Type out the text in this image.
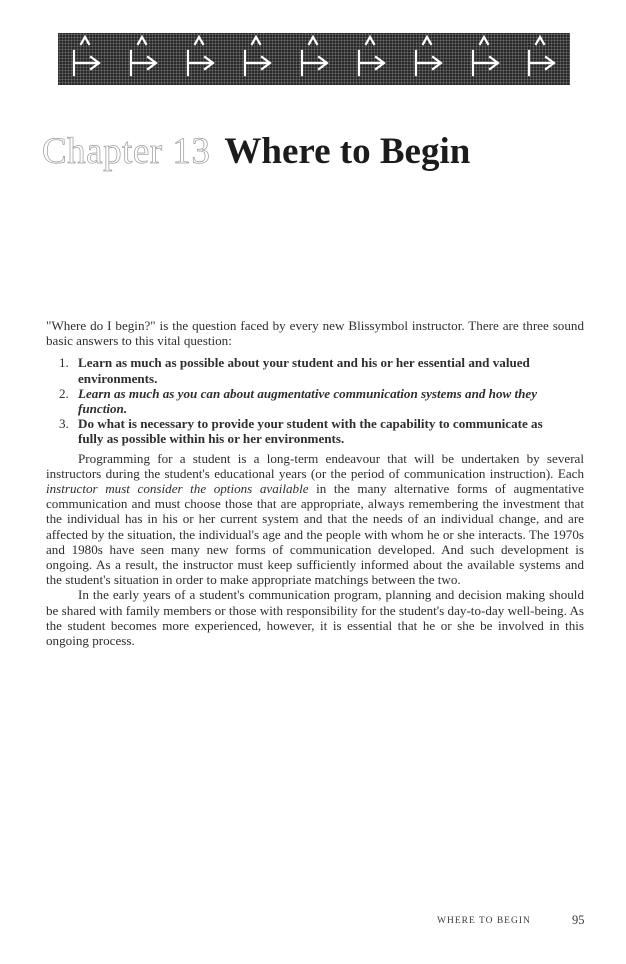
Chapter 13 Where to Begin

"Where do I begin?" is the question faced by every new Blissymbol instructor. There are three sound basic answers to this vital question:

1. Learn as much as possible about your student and his or her essential and valued environments.
2. Learn as much as you can about augmentative communication systems and how they function.
3. Do what is necessary to provide your student with the capability to communicate as fully as possible within his or her environments.

Programming for a student is a long-term endeavour that will be undertaken by several instructors during the student's educational years (or the period of communication instruction). Each instructor must consider the options available in the many alternative forms of augmentative communication and must choose those that are appropriate, always remembering the investment that the individual has in his or her current system and that the needs of an individual change, and are affected by the situation, the individual's age and the people with whom he or she interacts. The 1970s and 1980s have seen many new forms of communication developed. And such development is ongoing. As a result, the instructor must keep sufficiently informed about the available systems and the student's situation in order to make appropriate matchings between the two.

In the early years of a student's communication program, planning and decision making should be shared with family members or those with responsibility for the student's day-to-day well-being. As the student becomes more experienced, however, it is essential that he or she be involved in this ongoing process.

WHERE TO BEGIN	95
